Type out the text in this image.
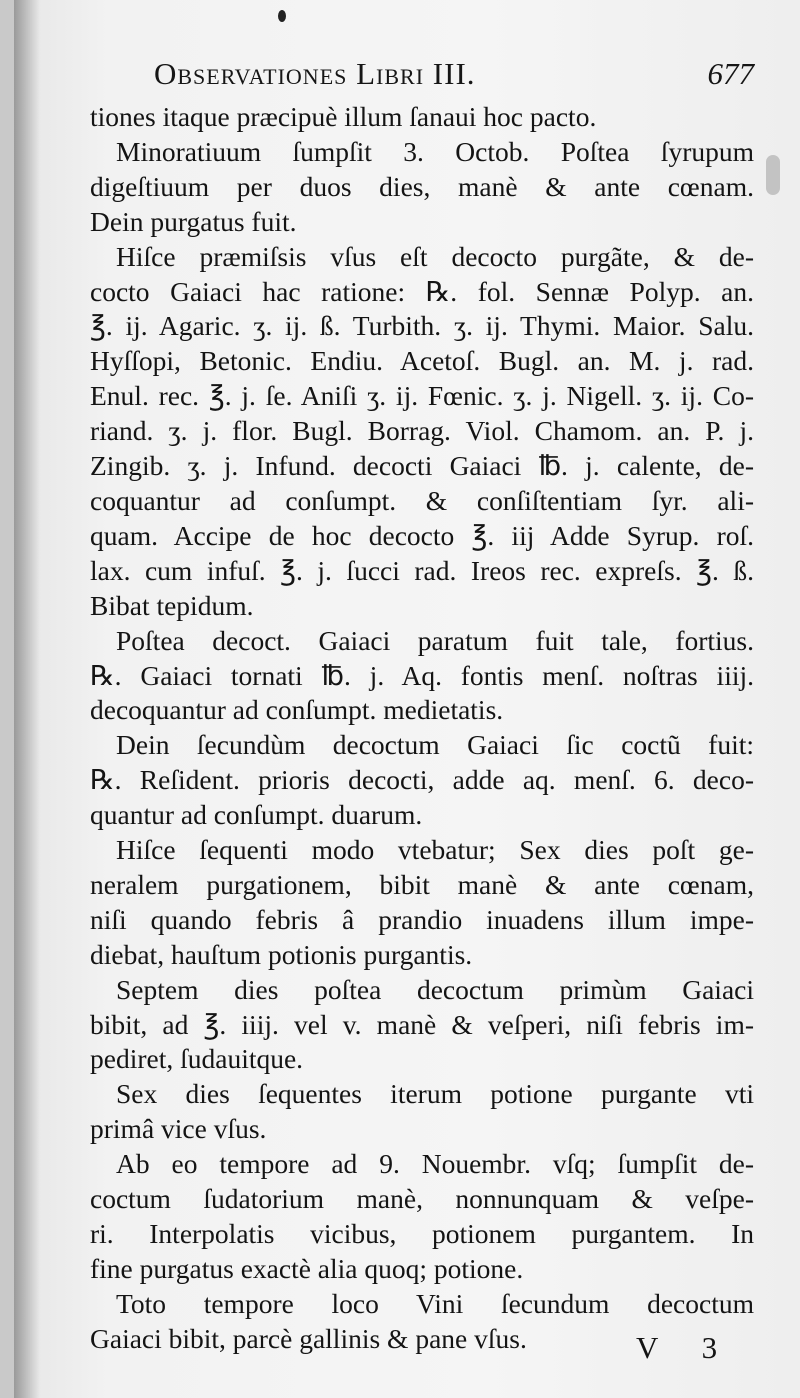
Observationes Libri III.	677
tiones itaque præcipuè illum ſanaui hoc pacto.
Minoratiuum ſumpſit 3. Octob. Poſtea ſyrupum
digeſtiuum per duos dies, manè & ante cœnam.
Dein purgatus fuit.
Hiſce præmiſsis vſus eſt decocto purgãte, & de-
cocto Gaiaci hac ratione: ℞. fol. Sennæ Polyp. an.
℥. ij. Agaric. ʒ. ij. ß. Turbith. ʒ. ij. Thymi. Maior. Salu.
Hyſſopi, Betonic. Endiu. Acetoſ. Bugl. an. M. j. rad.
Enul. rec. ℥. j. ſe. Aniſi ʒ. ij. Fœnic. ʒ. j. Nigell. ʒ. ij. Co-
riand. ʒ. j. flor. Bugl. Borrag. Viol. Chamom. an. P. j.
Zingib. ʒ. j. Infund. decocti Gaiaci ℔. j. calente, de-
coquantur ad conſumpt. & conſiſtentiam ſyr. ali-
quam. Accipe de hoc decocto ℥. iij Adde Syrup. roſ.
lax. cum infuſ. ℥. j. ſucci rad. Ireos rec. expreſs. ℥. ß.
Bibat tepidum.
Poſtea decoct. Gaiaci paratum fuit tale, fortius.
℞. Gaiaci tornati ℔. j. Aq. fontis menſ. noſtras iiij.
decoquantur ad conſumpt. medietatis.
Dein ſecundùm decoctum Gaiaci ſic coctũ fuit:
℞. Reſident. prioris decocti, adde aq. menſ. 6. deco-
quantur ad conſumpt. duarum.
Hiſce ſequenti modo vtebatur; Sex dies poſt ge-
neralem purgationem, bibit manè & ante cœnam,
niſi quando febris â prandio inuadens illum impe-
diebat, hauſtum potionis purgantis.
Septem dies poſtea decoctum primùm Gaiaci
bibit, ad ℥. iiij. vel v. manè & veſperi, niſi febris im-
pediret, ſudauitque.
Sex dies ſequentes iterum potione purgante vti
primâ vice vſus.
Ab eo tempore ad 9. Nouembr. vſq; ſumpſit de-
coctum ſudatorium manè, nonnunquam & veſpe-
ri. Interpolatis vicibus, potionem purgantem. In
fine purgatus exactè alia quoq; potione.
Toto tempore loco Vini ſecundum decoctum
Gaiaci bibit, parcè gallinis & pane vſus.	V 3
